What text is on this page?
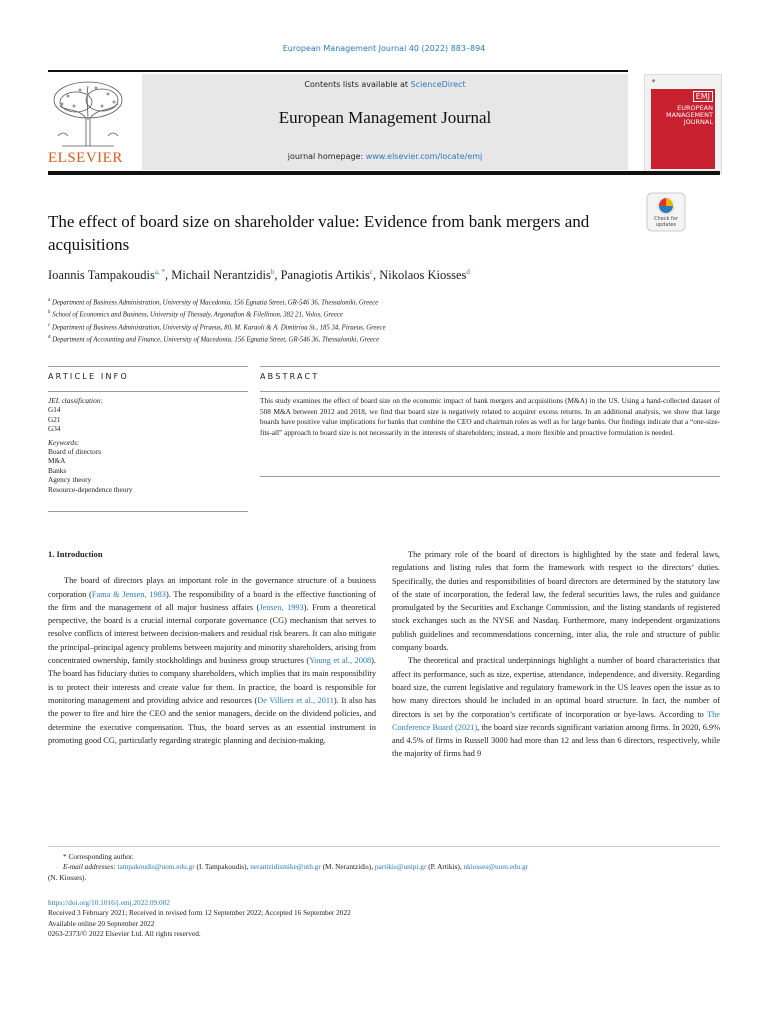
European Management Journal 40 (2022) 883–894
ELSEVIER
Contents lists available at ScienceDirect
European Management Journal
journal homepage: www.elsevier.com/locate/emj
✷
EMJ
EUROPEAN
MANAGEMENT
JOURNAL
The effect of board size on shareholder value: Evidence from bank mergers and acquisitions
Check for updates
Ioannis Tampakoudis$^{a, *}$, Michail Nerantzidis$^b$, Panagiotis Artikis$^c$, Nikolaos Kiosses$^d$
$^a$ Department of Business Administration, University of Macedonia, 156 Egnatia Street, GR-546 36, Thessaloniki, Greece
$^b$ School of Economics and Business, University of Thessaly, Argonafton & Filellinon, 382 21, Volos, Greece
$^c$ Department of Business Administration, University of Piraeus, 80, M. Karaoli & A. Dimitriou St., 185 34, Piraeus, Greece
$^d$ Department of Accounting and Finance, University of Macedonia, 156 Egnatia Street, GR-546 36, Thessaloniki, Greece
ARTICLE INFO	ABSTRACT
JEL classification:
G14
G21
G34
Keywords:
Board of directors
M&A
Banks
Agency theory
Resource-dependence theory
This study examines the effect of board size on the economic impact of bank mergers and acquisitions (M&A) in the US. Using a hand-collected dataset of 508 M&A between 2012 and 2018, we find that board size is negatively related to acquirer excess returns. In an additional analysis, we show that large boards have positive value implications for banks that combine the CEO and chairman roles as well as for large banks. Our findings indicate that a “one-size-fits-all” approach to board size is not necessarily in the interests of shareholders; instead, a more flexible and proactive formulation is needed.
1. Introduction

The board of directors plays an important role in the governance structure of a business corporation (Fama & Jensen, 1983). The responsibility of a board is the effective functioning of the firm and the management of all major business affairs (Jensen, 1993). From a theoretical perspective, the board is a crucial internal corporate governance (CG) mechanism that serves to resolve conflicts of interest between decision-makers and residual risk bearers. It can also mitigate the principal–principal agency problems between majority and minority shareholders, arising from concentrated ownership, family stockholdings and business group structures (Young et al., 2008). The board has fiduciary duties to company shareholders, which implies that its main responsibility is to protect their interests and create value for them. In practice, the board is responsible for monitoring management and providing advice and resources (De Villiers et al., 2011). It also has the power to fire and hire the CEO and the senior managers, decide on the dividend policies, and determine the executive compensation. Thus, the board serves as an essential instrument in promoting good CG, particularly regarding strategic planning and decision-making.

The primary role of the board of directors is highlighted by the state and federal laws, regulations and listing rules that form the framework with respect to the directors’ duties. Specifically, the duties and responsibilities of board directors are determined by the statutory law of the state of incorporation, the federal law, the federal securities laws, the rules and guidance promulgated by the Securities and Exchange Commission, and the listing standards of registered stock exchanges such as the NYSE and Nasdaq. Furthermore, many independent organizations publish guidelines and recommendations concerning, inter alia, the role and structure of public company boards.

The theoretical and practical underpinnings highlight a number of board characteristics that affect its performance, such as size, expertise, attendance, independence, and diversity. Regarding board size, the current legislative and regulatory framework in the US leaves open the issue as to how many directors should be included in an optimal board structure. In fact, the number of directors is set by the corporation’s certificate of incorporation or bye-laws. According to The Conference Board (2021), the board size records significant variation among firms. In 2020, 6.9% and 4.5% of firms in Russell 3000 had more than 12 and less than 6 directors, respectively, while the majority of firms had 9

* Corresponding author.
E-mail addresses: tampakoudis@uom.edu.gr (I. Tampakoudis), nerantzidismike@uth.gr (M. Nerantzidis), partikis@unipi.gr (P. Artikis), nkiosses@uom.edu.gr
(N. Kiosses).
https://doi.org/10.1016/j.emj.2022.09.002
Received 3 February 2021; Received in revised form 12 September 2022; Accepted 16 September 2022
Available online 20 September 2022
0263-2373/© 2022 Elsevier Ltd. All rights reserved.
